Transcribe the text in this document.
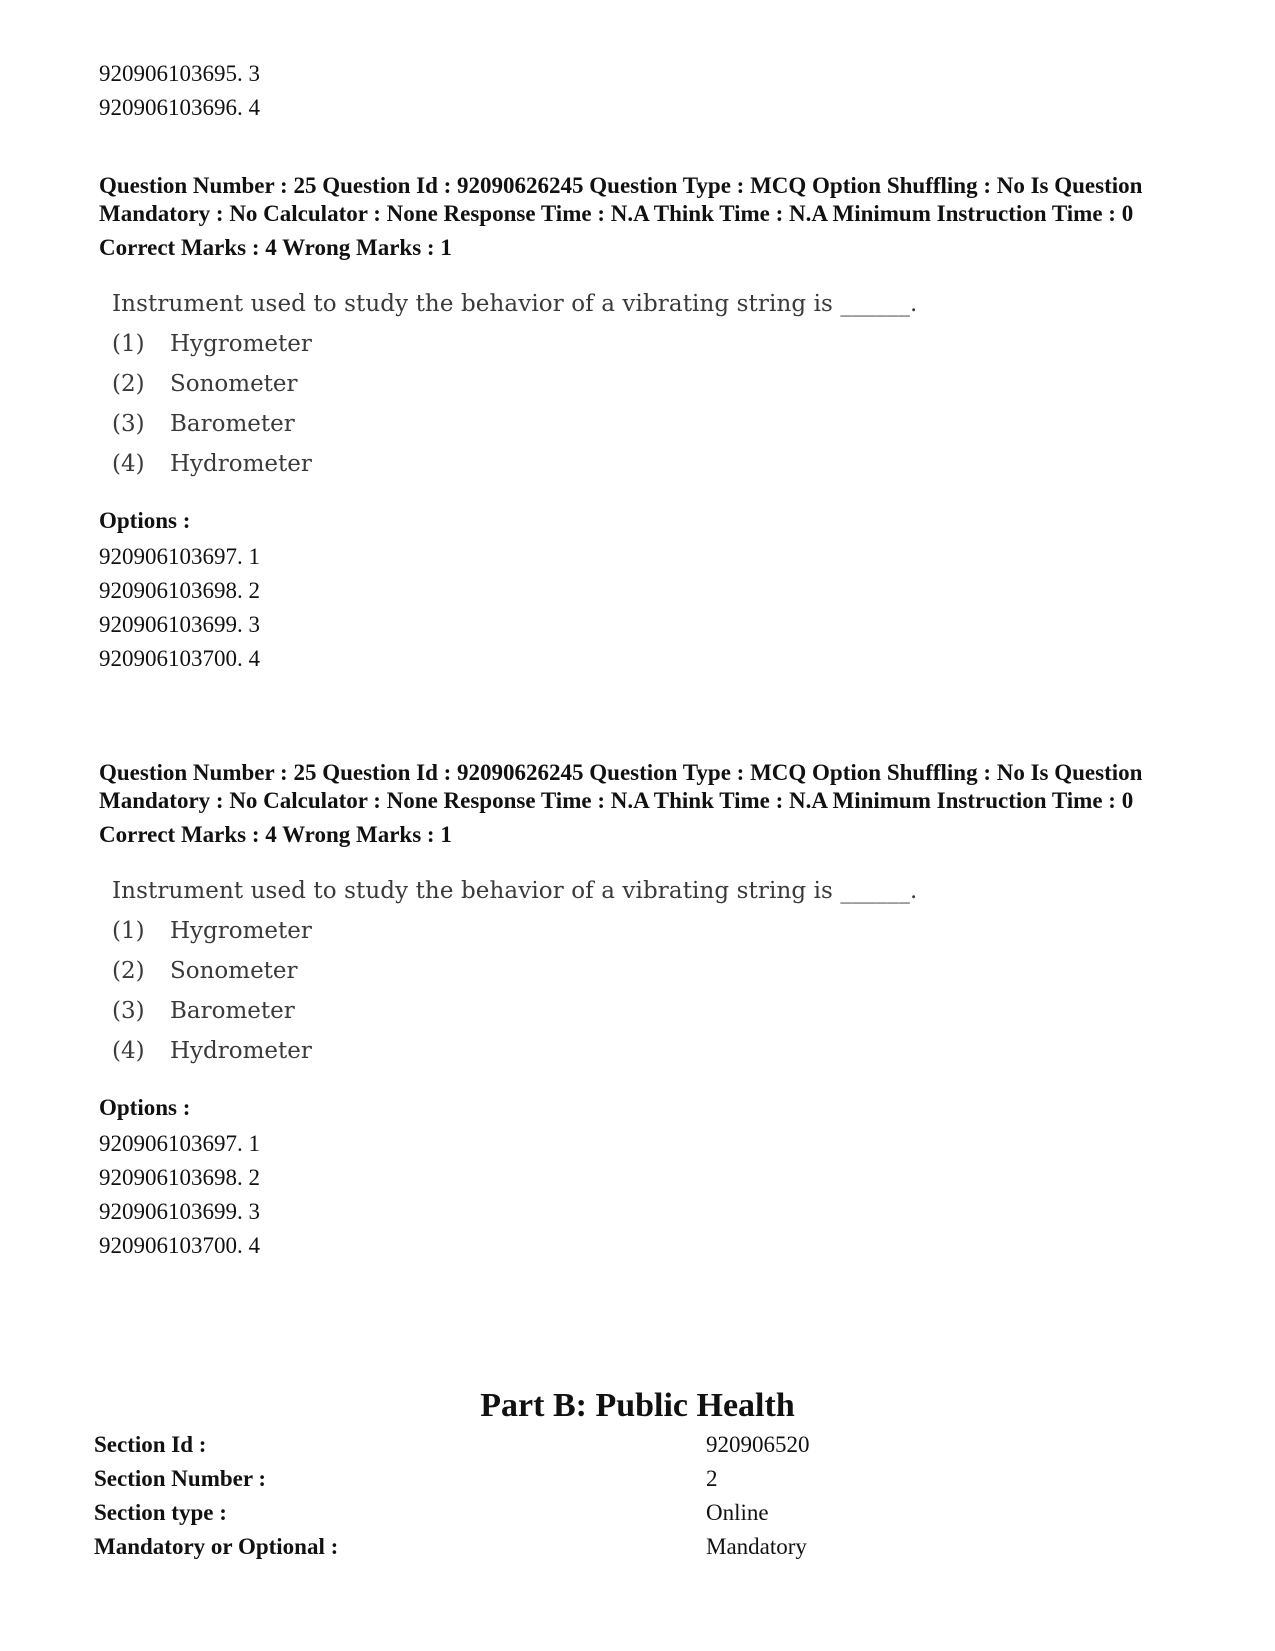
920906103695. 3
920906103696. 4
Question Number : 25 Question Id : 92090626245 Question Type : MCQ Option Shuffling : No Is Question Mandatory : No Calculator : None Response Time : N.A Think Time : N.A Minimum Instruction Time : 0
Correct Marks : 4 Wrong Marks : 1
Instrument used to study the behavior of a vibrating string is ______.
(1)	Hygrometer
(2)	Sonometer
(3)	Barometer
(4)	Hydrometer
Options :
920906103697. 1
920906103698. 2
920906103699. 3
920906103700. 4
Question Number : 25 Question Id : 92090626245 Question Type : MCQ Option Shuffling : No Is Question Mandatory : No Calculator : None Response Time : N.A Think Time : N.A Minimum Instruction Time : 0
Correct Marks : 4 Wrong Marks : 1
Instrument used to study the behavior of a vibrating string is ______.
(1)	Hygrometer
(2)	Sonometer
(3)	Barometer
(4)	Hydrometer
Options :
920906103697. 1
920906103698. 2
920906103699. 3
920906103700. 4
Part B: Public Health
Section Id :	920906520
Section Number :	2
Section type :	Online
Mandatory or Optional :	Mandatory
